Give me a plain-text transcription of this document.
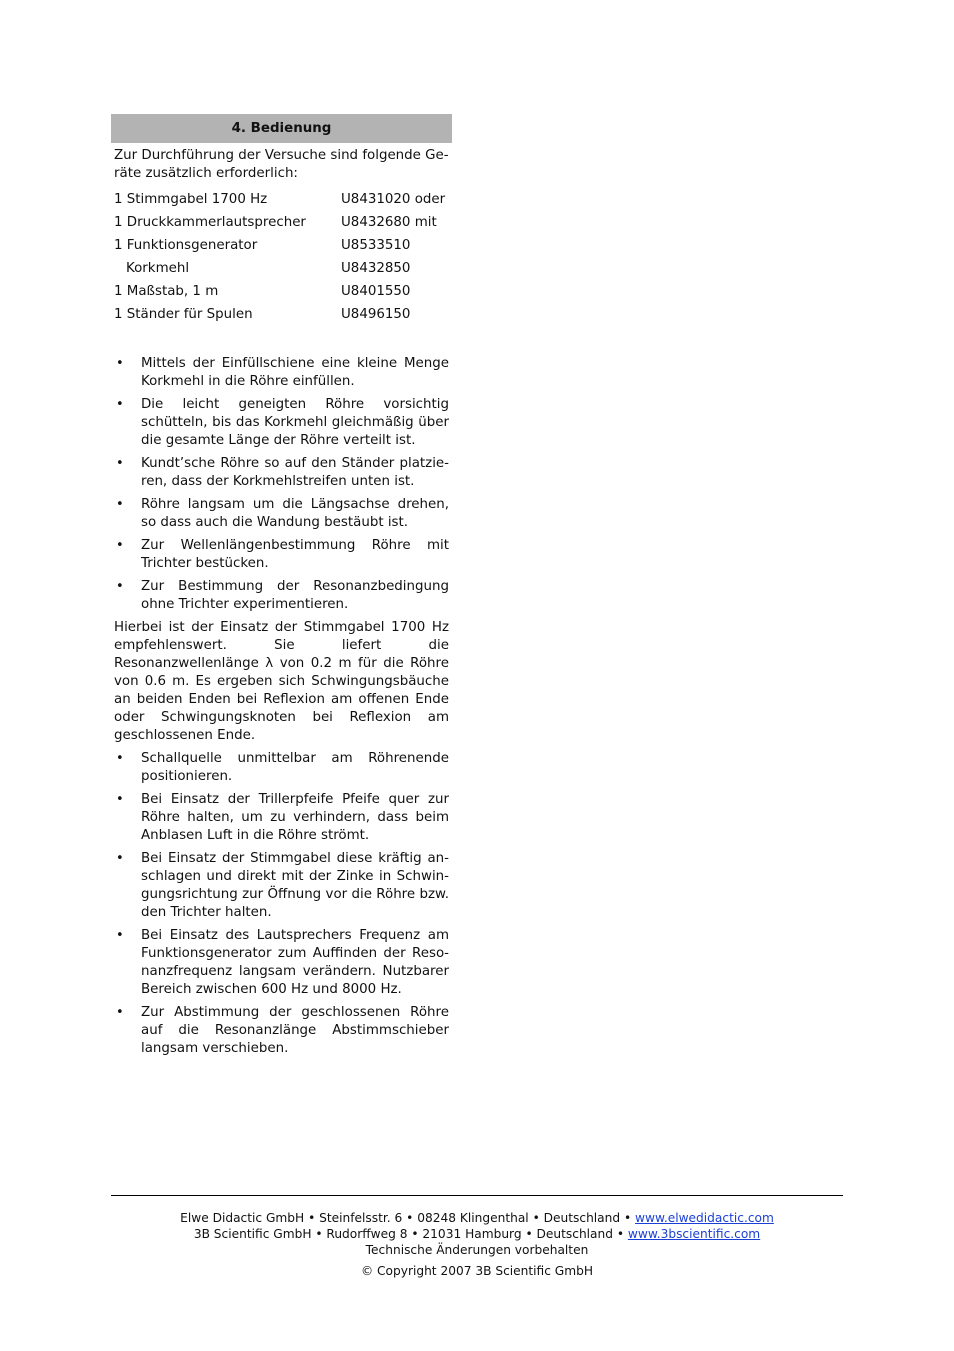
4. Bedienung

Zur Durchführung der Versuche sind folgende Geräte zusätzlich erforderlich:

1 Stimmgabel 1700 Hz	U8431020 oder
1 Druckkammerlautsprecher	U8432680 mit
1 Funktionsgenerator	U8533510
Korkmehl	U8432850
1 Maßstab, 1 m	U8401550
1 Ständer für Spulen	U8496150
• Mittels der Einfüllschiene eine kleine Menge Korkmehl in die Röhre einfüllen.
• Die leicht geneigten Röhre vorsichtig schütteln, bis das Korkmehl gleichmäßig über die gesamte Länge der Röhre verteilt ist.
• Kundt’sche Röhre so auf den Ständer platzieren, dass der Korkmehlstreifen unten ist.
• Röhre langsam um die Längsachse drehen, so dass auch die Wandung bestäubt ist.
• Zur Wellenlängenbestimmung Röhre mit Trichter bestücken.
• Zur Bestimmung der Resonanzbedingung ohne Trichter experimentieren.

Hierbei ist der Einsatz der Stimmgabel 1700 Hz empfehlenswert. Sie liefert die Resonanzwellenlänge λ von 0.2 m für die Röhre von 0.6 m. Es ergeben sich Schwingungsbäuche an beiden Enden bei Reflexion am offenen Ende oder Schwingungsknoten bei Reflexion am geschlossenen Ende.

• Schallquelle unmittelbar am Röhrenende positionieren.
• Bei Einsatz der Trillerpfeife Pfeife quer zur Röhre halten, um zu verhindern, dass beim Anblasen Luft in die Röhre strömt.
• Bei Einsatz der Stimmgabel diese kräftig anschlagen und direkt mit der Zinke in Schwingungsrichtung zur Öffnung vor die Röhre bzw. den Trichter halten.
• Bei Einsatz des Lautsprechers Frequenz am Funktionsgenerator zum Auffinden der Resonanzfrequenz langsam verändern. Nutzbarer Bereich zwischen 600 Hz und 8000 Hz.
• Zur Abstimmung der geschlossenen Röhre auf die Resonanzlänge Abstimmschieber langsam verschieben.
Elwe Didactic GmbH • Steinfelsstr. 6 • 08248 Klingenthal • Deutschland • www.elwedidactic.com
3B Scientific GmbH • Rudorffweg 8 • 21031 Hamburg • Deutschland • www.3bscientific.com
Technische Änderungen vorbehalten
© Copyright 2007 3B Scientific GmbH
